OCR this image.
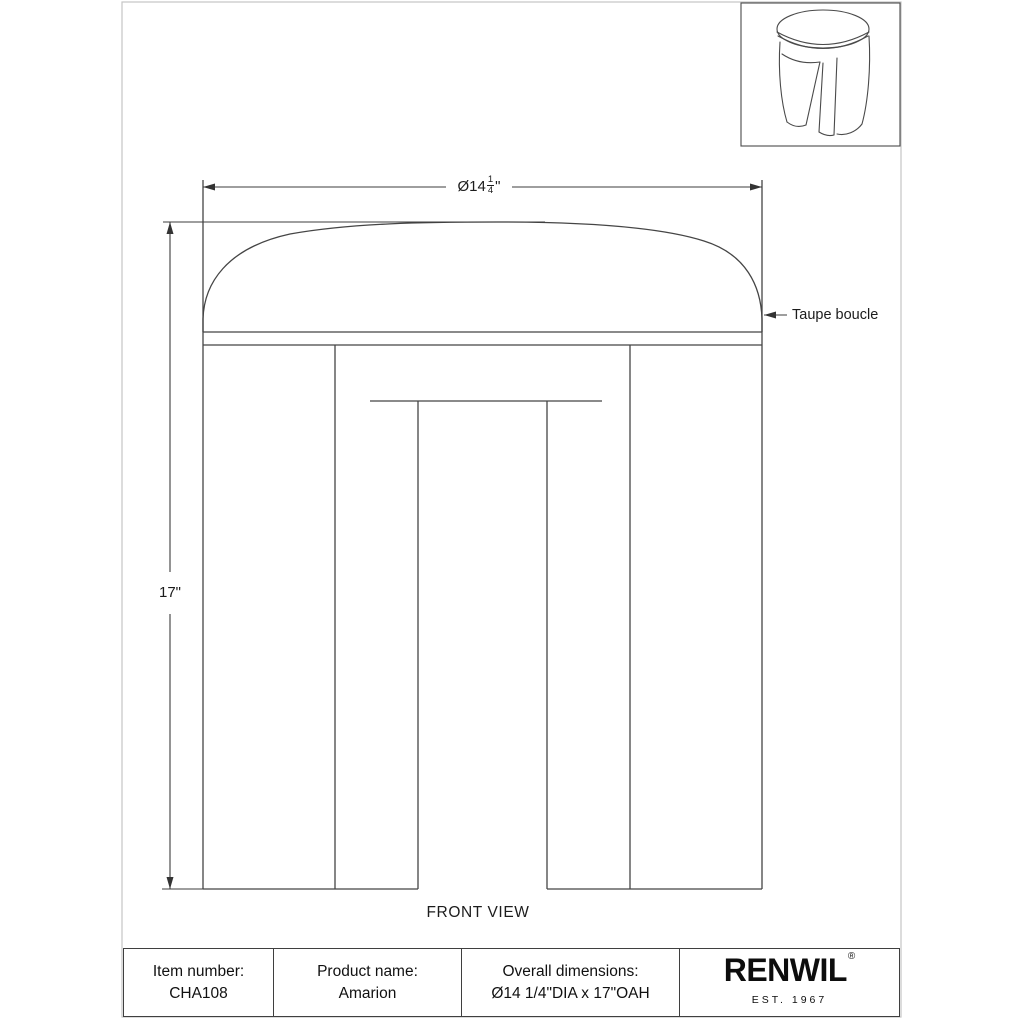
Ø14 $\frac{1}{4}$ "
17"
Taupe boucle
FRONT VIEW
Item number:
CHA108
Product name:
Amarion
Overall dimensions:
Ø14 1/4"DIA x 17"OAH
RENWIL ®
EST. 1967
